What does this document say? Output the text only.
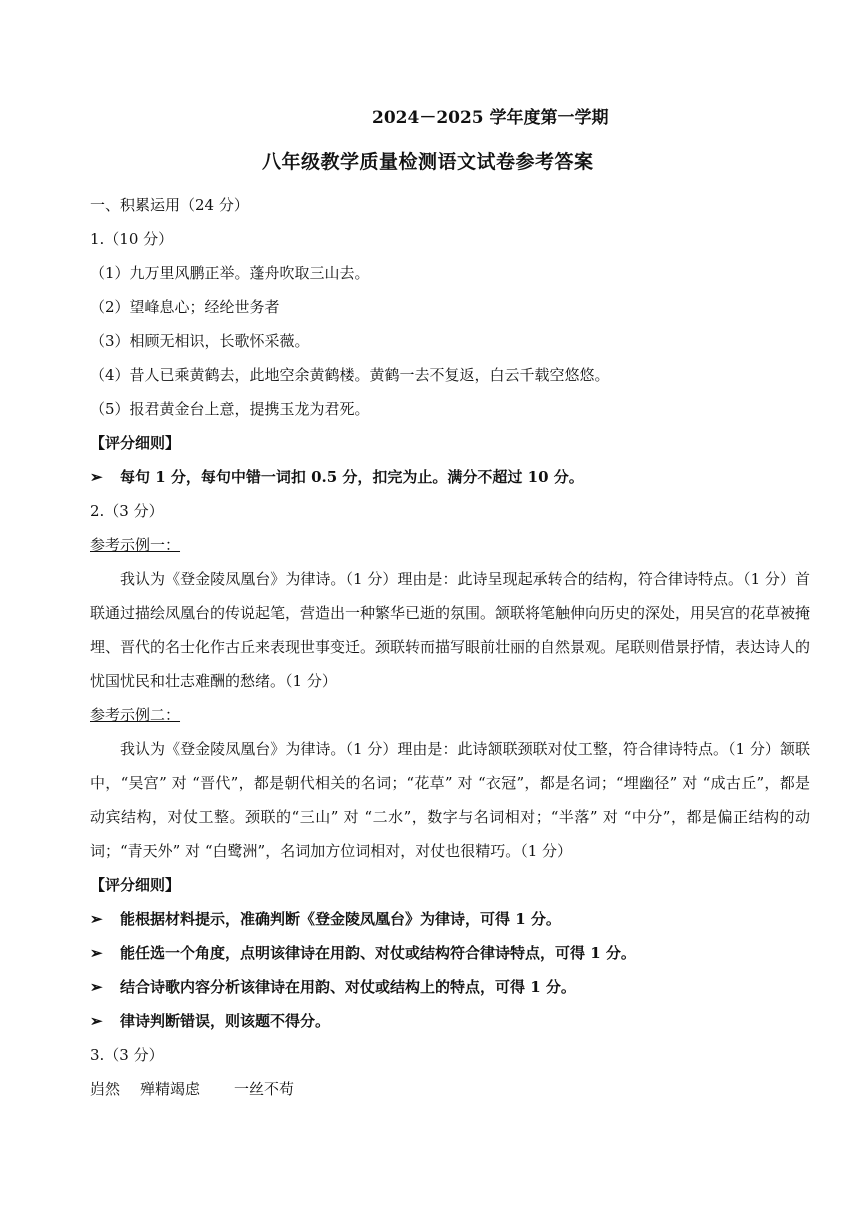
2024－2025 学年度第一学期
八年级教学质量检测语文试卷参考答案
一、积累运用（24 分）
1.（10 分）
（1）九万里风鹏正举。蓬舟吹取三山去。
（2）望峰息心；经纶世务者
（3）相顾无相识，长歌怀采薇。
（4）昔人已乘黄鹤去，此地空余黄鹤楼。黄鹤一去不复返，白云千载空悠悠。
（5）报君黄金台上意，提携玉龙为君死。
【评分细则】
➢ 每句 1 分，每句中错一词扣 0.5 分，扣完为止。满分不超过 10 分。
2.（3 分）
参考示例一：
我认为《登金陵凤凰台》为律诗。（1 分）理由是：此诗呈现起承转合的结构，符合律诗特点。（1 分）首联通过描绘凤凰台的传说起笔，营造出一种繁华已逝的氛围。颔联将笔触伸向历史的深处，用吴宫的花草被掩埋、晋代的名士化作古丘来表现世事变迁。颈联转而描写眼前壮丽的自然景观。尾联则借景抒情，表达诗人的忧国忧民和壮志难酬的愁绪。（1 分）
参考示例二：
我认为《登金陵凤凰台》为律诗。（1 分）理由是：此诗颔联颈联对仗工整，符合律诗特点。（1 分）颔联中，“吴宫” 对 “晋代”，都是朝代相关的名词；“花草” 对 “衣冠”，都是名词；“埋幽径” 对 “成古丘”，都是动宾结构，对仗工整。颈联的“三山” 对 “二水”，数字与名词相对；“半落” 对 “中分”，都是偏正结构的动词；“青天外” 对 “白鹭洲”，名词加方位词相对，对仗也很精巧。（1 分）
【评分细则】
➢ 能根据材料提示，准确判断《登金陵凤凰台》为律诗，可得 1 分。
➢ 能任选一个角度，点明该律诗在用韵、对仗或结构符合律诗特点，可得 1 分。
➢ 结合诗歌内容分析该律诗在用韵、对仗或结构上的特点，可得 1 分。
➢ 律诗判断错误，则该题不得分。
3.（3 分）
岿然 殚精竭虑 一丝不苟
